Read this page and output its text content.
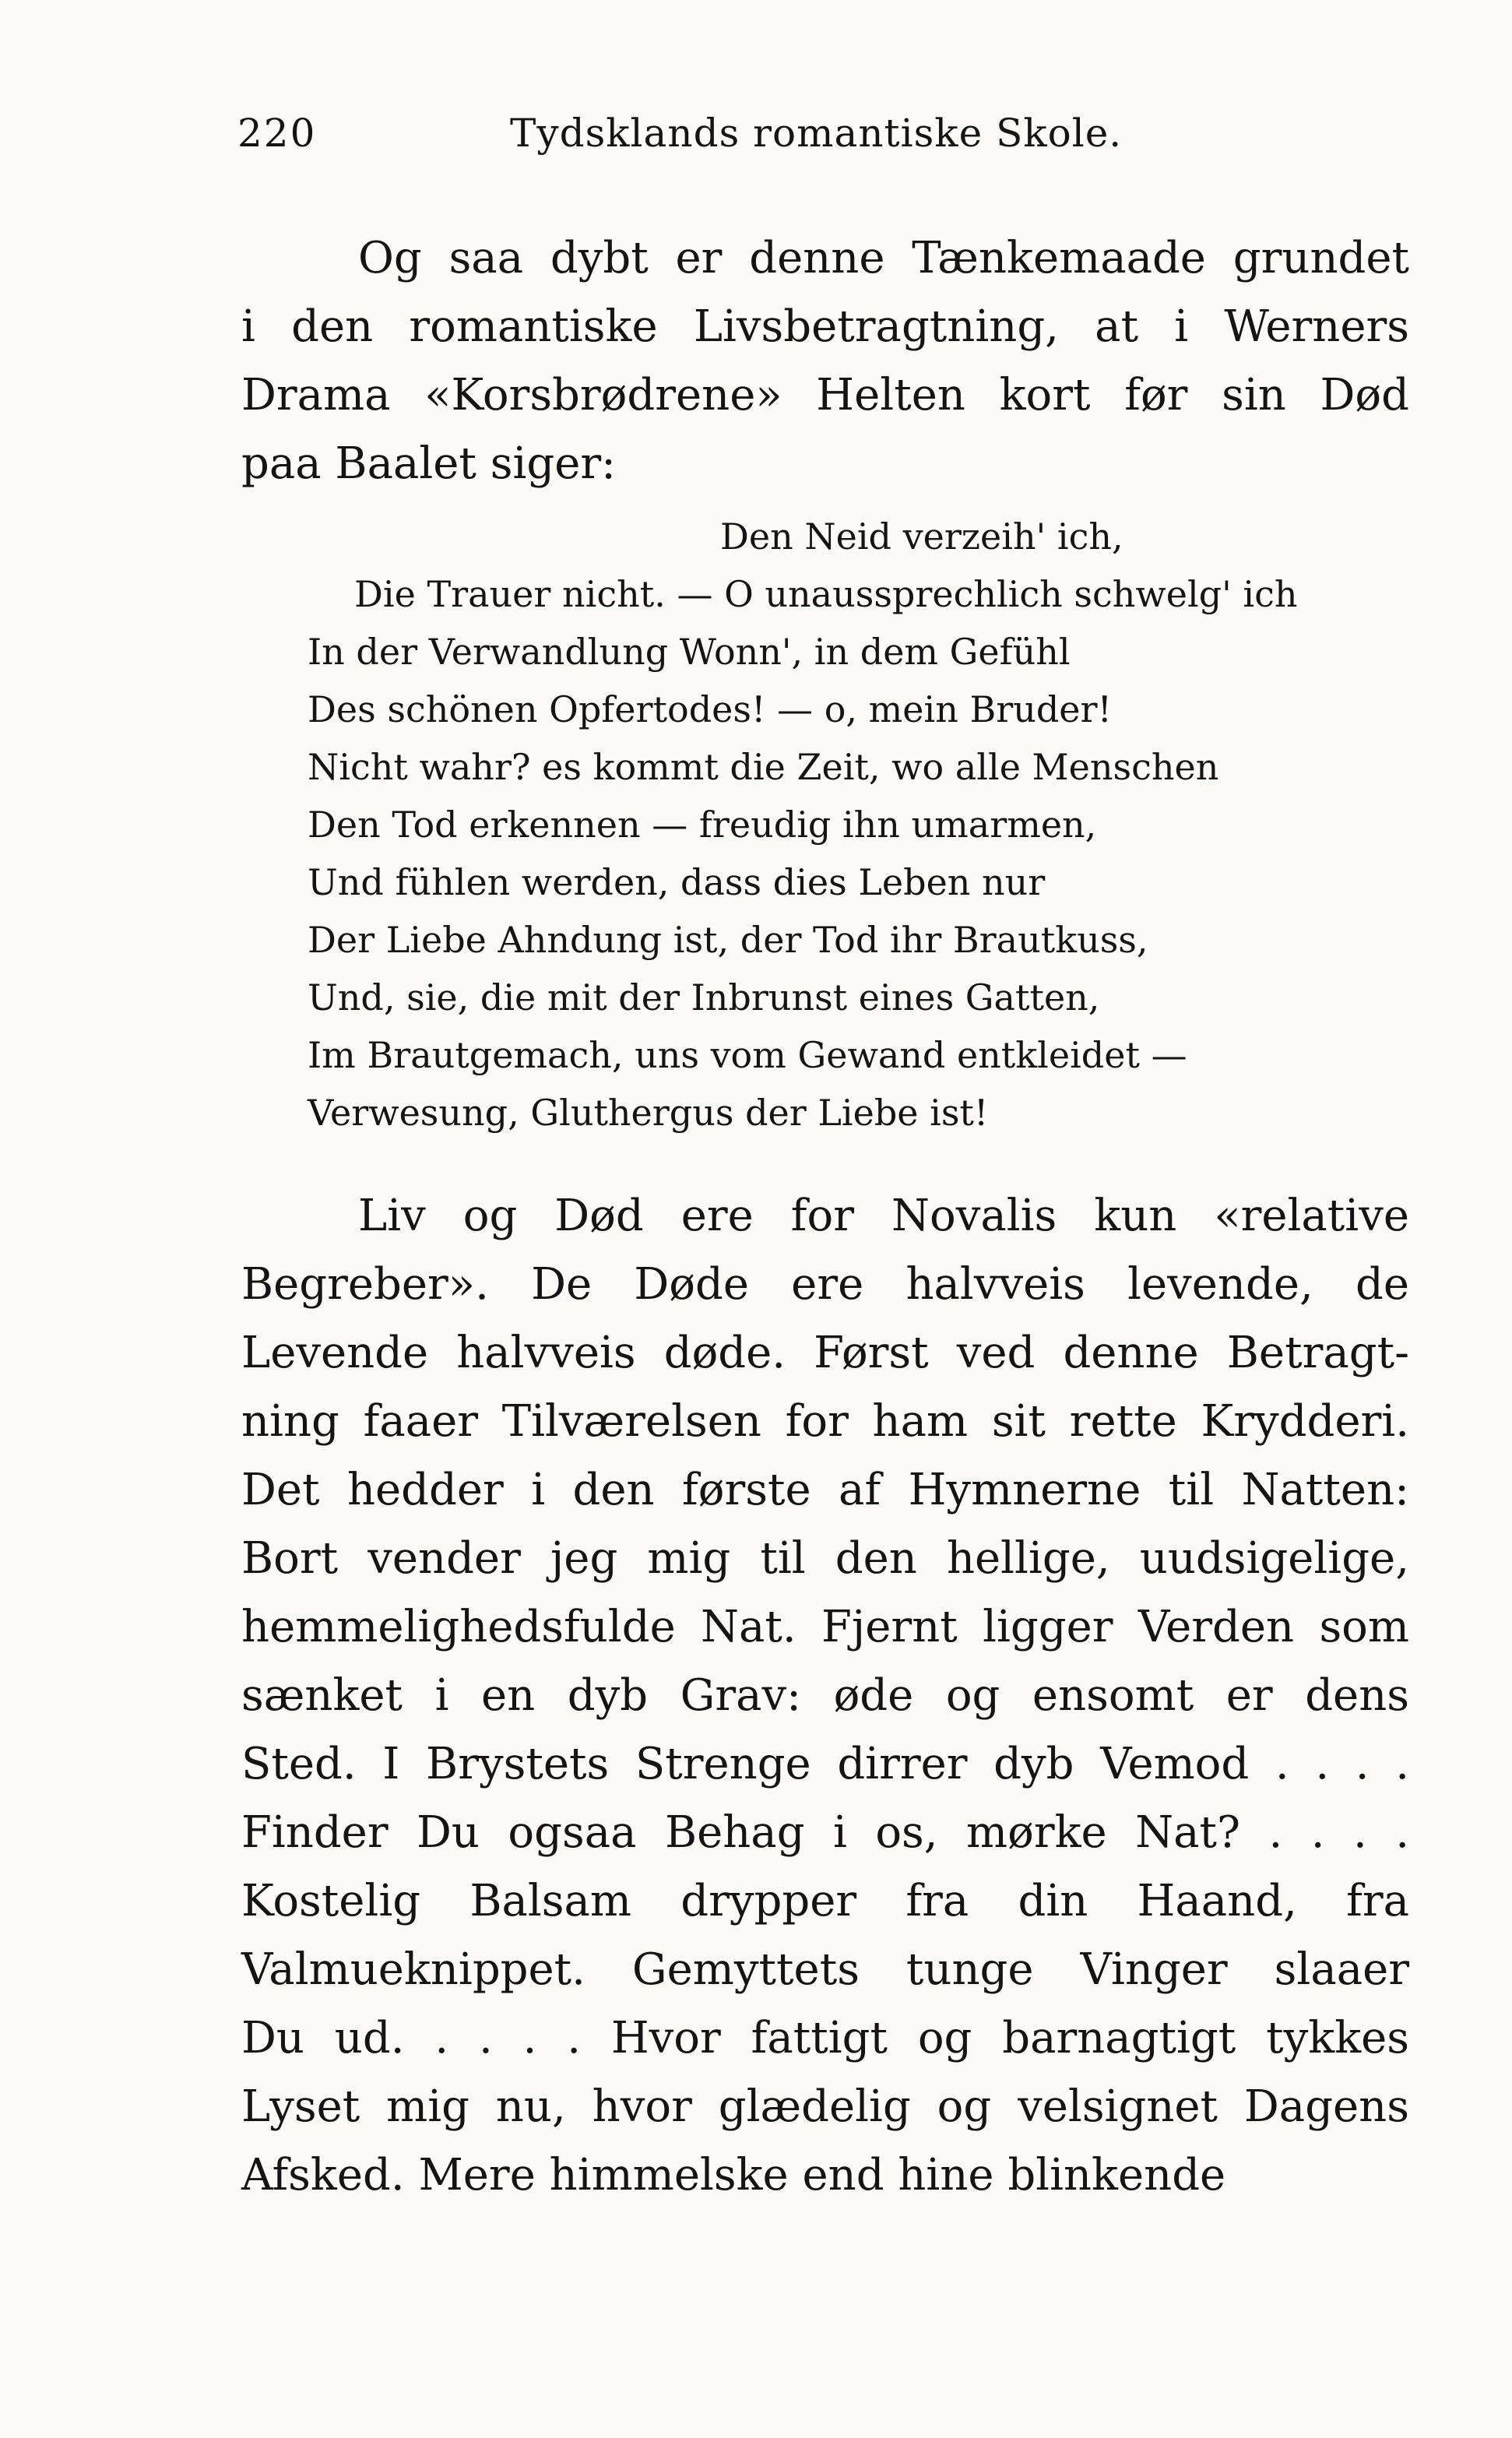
220	Tydsklands romantiske Skole.

Og saa dybt er denne Tænkemaade grundet
i den romantiske Livsbetragtning, at i Werners
Drama «Korsbrødrene» Helten kort før sin Død
paa Baalet siger:

Den Neid verzeih' ich,
Die Trauer nicht. — O unaussprechlich schwelg' ich
In der Verwandlung Wonn', in dem Gefühl
Des schönen Opfertodes! — o, mein Bruder!
Nicht wahr? es kommt die Zeit, wo alle Menschen
Den Tod erkennen — freudig ihn umarmen,
Und fühlen werden, dass dies Leben nur
Der Liebe Ahndung ist, der Tod ihr Brautkuss,
Und, sie, die mit der Inbrunst eines Gatten,
Im Brautgemach, uns vom Gewand entkleidet —
Verwesung, Gluthergus der Liebe ist!

Liv og Død ere for Novalis kun «relative
Begreber». De Døde ere halvveis levende, de
Levende halvveis døde. Først ved denne Betragt-
ning faaer Tilværelsen for ham sit rette Krydderi.
Det hedder i den første af Hymnerne til Natten:
Bort vender jeg mig til den hellige, uudsigelige,
hemmelighedsfulde Nat. Fjernt ligger Verden som
sænket i en dyb Grav: øde og ensomt er dens
Sted. I Brystets Strenge dirrer dyb Vemod . . . .
Finder Du ogsaa Behag i os, mørke Nat? . . . .
Kostelig Balsam drypper fra din Haand, fra
Valmueknippet. Gemyttets tunge Vinger slaaer
Du ud. . . . . Hvor fattigt og barnagtigt tykkes
Lyset mig nu, hvor glædelig og velsignet Dagens
Afsked. Mere himmelske end hine blinkende
